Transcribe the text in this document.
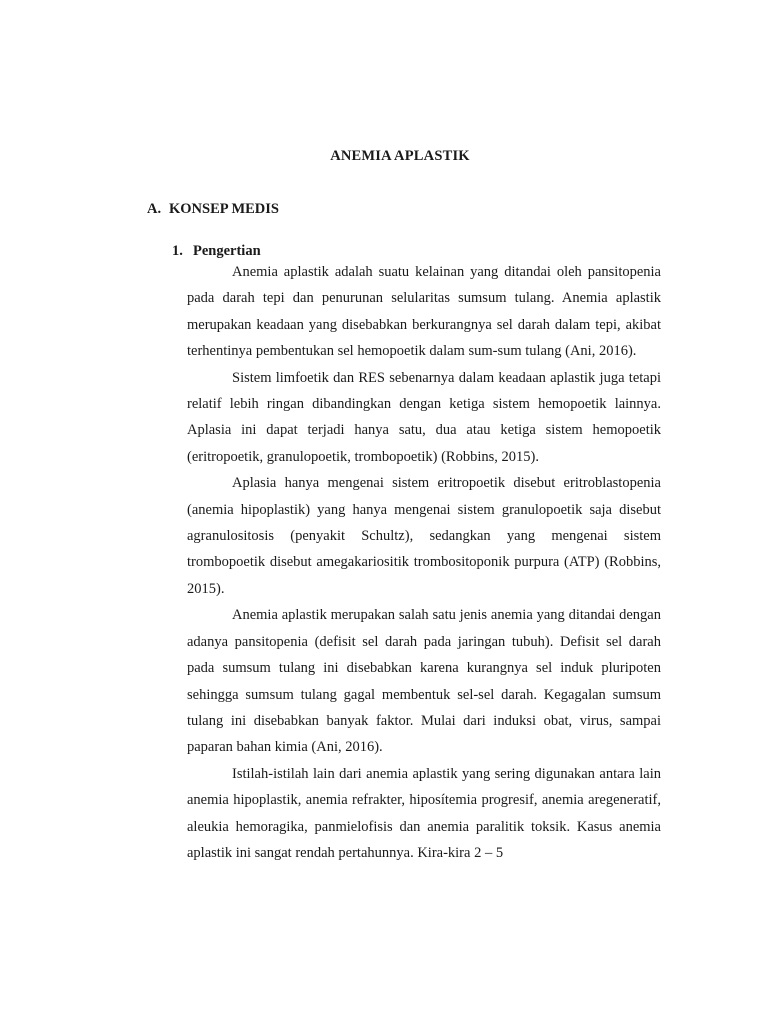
ANEMIA APLASTIK
A. KONSEP MEDIS
1. Pengertian

Anemia aplastik adalah suatu kelainan yang ditandai oleh pansitopenia pada darah tepi dan penurunan selularitas sumsum tulang. Anemia aplastik merupakan keadaan yang disebabkan berkurangnya sel darah dalam tepi, akibat terhentinya pembentukan sel hemopoetik dalam sum-sum tulang (Ani, 2016).

Sistem limfoetik dan RES sebenarnya dalam keadaan aplastik juga tetapi relatif lebih ringan dibandingkan dengan ketiga sistem hemopoetik lainnya. Aplasia ini dapat terjadi hanya satu, dua atau ketiga sistem hemopoetik (eritropoetik, granulopoetik, trombopoetik) (Robbins, 2015).

Aplasia hanya mengenai sistem eritropoetik disebut eritroblastopenia (anemia hipoplastik) yang hanya mengenai sistem granulopoetik saja disebut agranulositosis (penyakit Schultz), sedangkan yang mengenai sistem trombopoetik disebut amegakariositik trombositoponik purpura (ATP) (Robbins, 2015).

Anemia aplastik merupakan salah satu jenis anemia yang ditandai dengan adanya pansitopenia (defisit sel darah pada jaringan tubuh). Defisit sel darah pada sumsum tulang ini disebabkan karena kurangnya sel induk pluripoten sehingga sumsum tulang gagal membentuk sel-sel darah. Kegagalan sumsum tulang ini disebabkan banyak faktor. Mulai dari induksi obat, virus, sampai paparan bahan kimia (Ani, 2016).

Istilah-istilah lain dari anemia aplastik yang sering digunakan antara lain anemia hipoplastik, anemia refrakter, hiposítemia progresif, anemia aregeneratif, aleukia hemoragika, panmielofisis dan anemia paralitik toksik. Kasus anemia aplastik ini sangat rendah pertahunnya. Kira-kira 2 – 5
